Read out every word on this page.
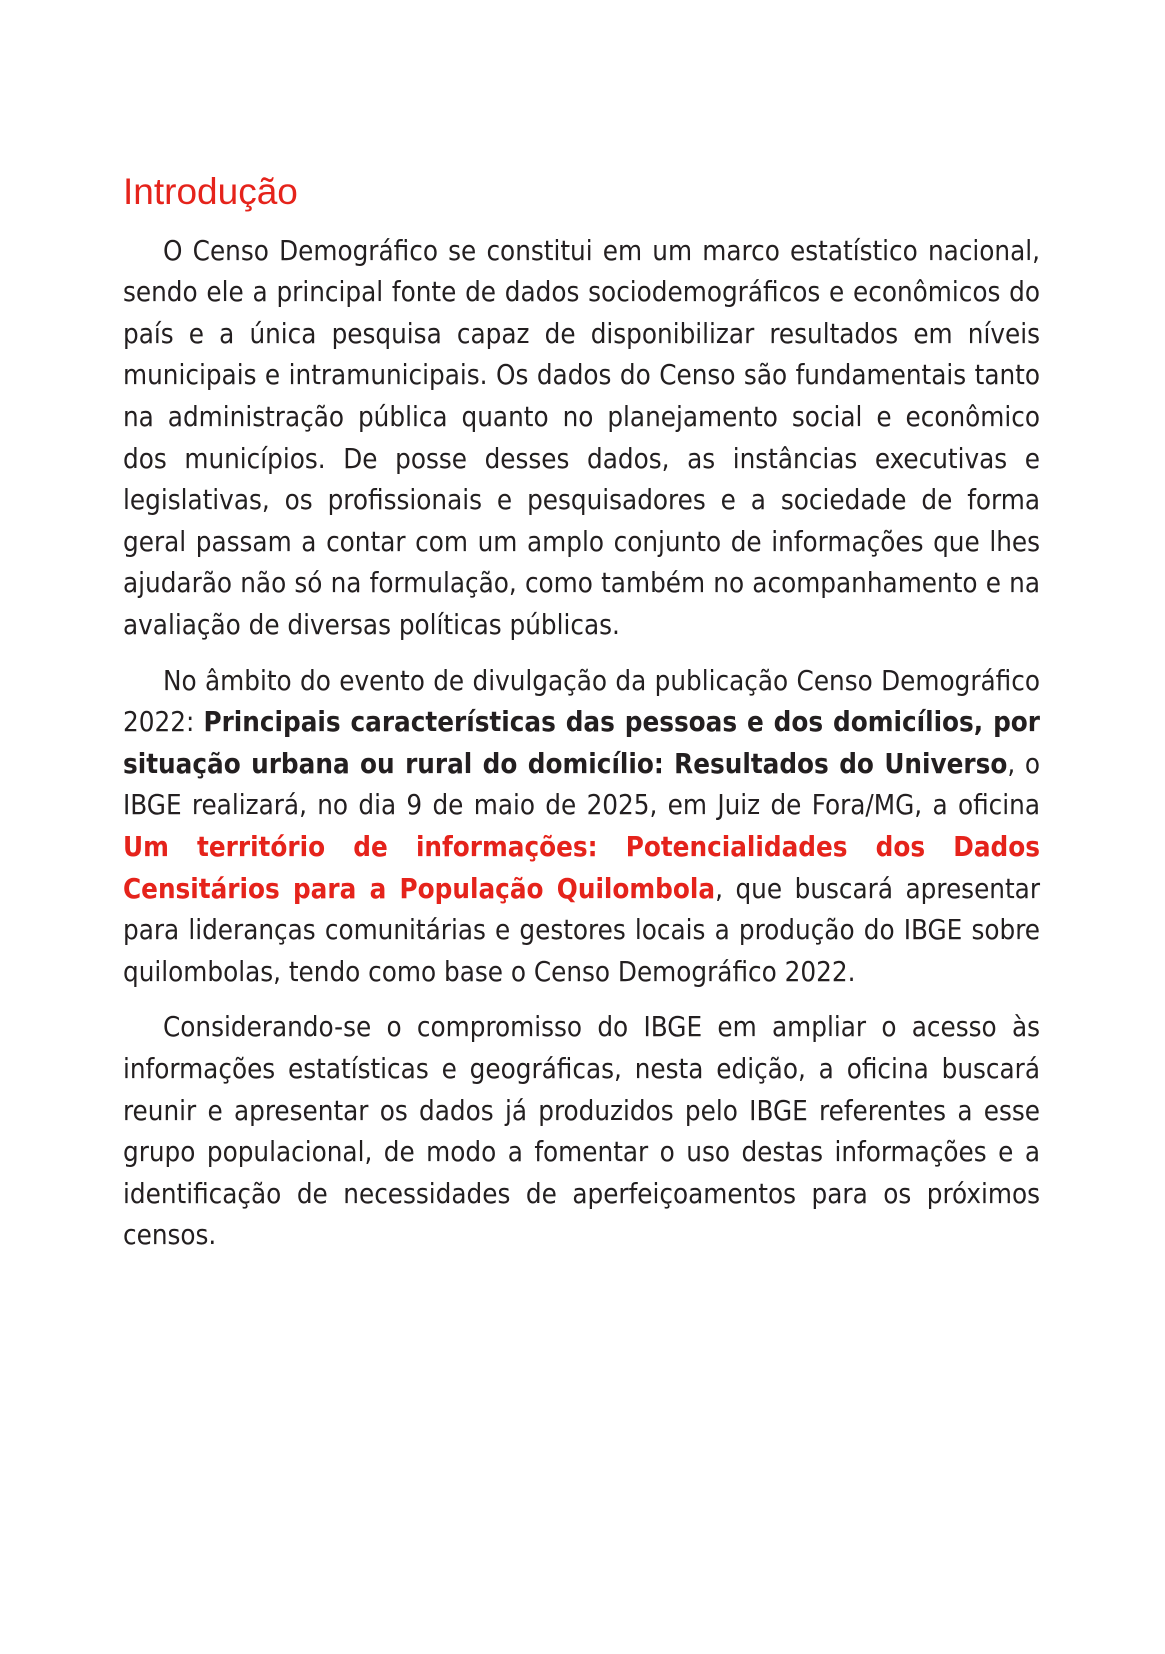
Introdução

O Censo Demográfico se constitui em um marco estatístico nacional, sendo ele a principal fonte de dados sociodemográficos e econômicos do país e a única pesquisa capaz de disponibilizar resultados em níveis municipais e intramunicipais. Os dados do Censo são fundamentais tanto na administração pública quanto no planejamento social e econômico dos municípios. De posse desses dados, as instâncias executivas e legislativas, os profissionais e pesquisadores e a sociedade de forma geral passam a contar com um amplo conjunto de informações que lhes ajudarão não só na formulação, como também no acompanhamento e na avaliação de diversas políticas públicas.

No âmbito do evento de divulgação da publicação Censo Demográfico 2022: Principais características das pessoas e dos domicílios, por situação urbana ou rural do domicílio: Resultados do Universo, o IBGE realizará, no dia 9 de maio de 2025, em Juiz de Fora/MG, a oficina Um território de informações: Potencialidades dos Dados Censitários para a População Quilombola, que buscará apresentar para lideranças comunitárias e gestores locais a produção do IBGE sobre quilombolas, tendo como base o Censo Demográfico 2022.

Considerando-se o compromisso do IBGE em ampliar o acesso às informações estatísticas e geográficas, nesta edição, a oficina buscará reunir e apresentar os dados já produzidos pelo IBGE referentes a esse grupo populacional, de modo a fomentar o uso destas informações e a identificação de necessidades de aperfeiçoamentos para os próximos censos.
